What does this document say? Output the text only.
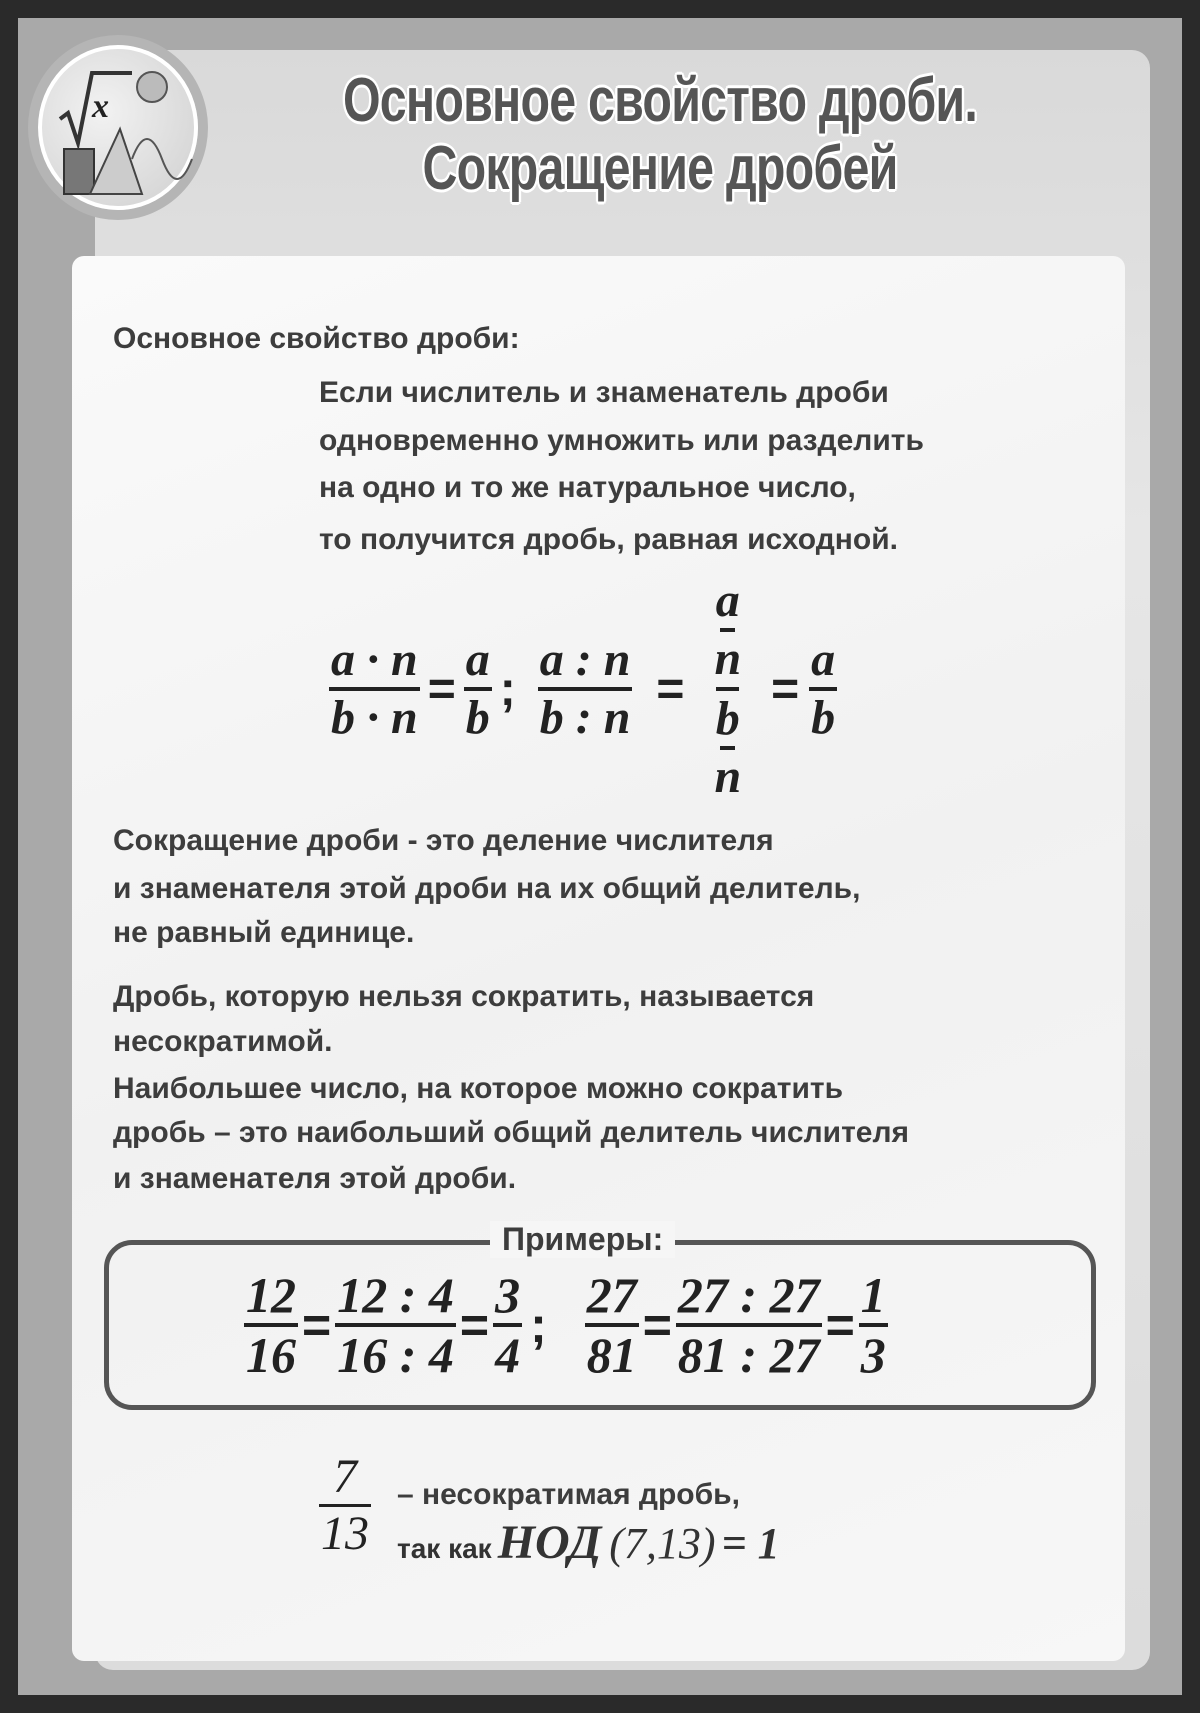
x	Основное свойство дроби.
Сокращение дробей
Основное свойство дроби:
Если числитель и знаменатель дроби
одновременно умножить или разделить
на одно и то же натуральное число,
то получится дробь, равная исходной.
$\frac{a \cdot n}{b \cdot n} = \frac{a}{b}$ ; $\frac{a : n}{b : n} = \frac{\frac{a}{n}}{\frac{b}{n}} = \frac{a}{b}$
Сокращение дроби - это деление числителя
и знаменателя этой дроби на их общий делитель,
не равный единице.
Дробь, которую нельзя сократить, называется
несократимой.
Наибольшее число, на которое можно сократить
дробь – это наибольший общий делитель числителя
и знаменателя этой дроби.
Примеры:
$\frac{12}{16} = \frac{12 : 4}{16 : 4} = \frac{3}{4}$ ; $\frac{27}{81} = \frac{27 : 27}{81 : 27} = \frac{1}{3}$
$\frac{7}{13}$ – несократимая дробь,
так как НОД (7,13) = 1
